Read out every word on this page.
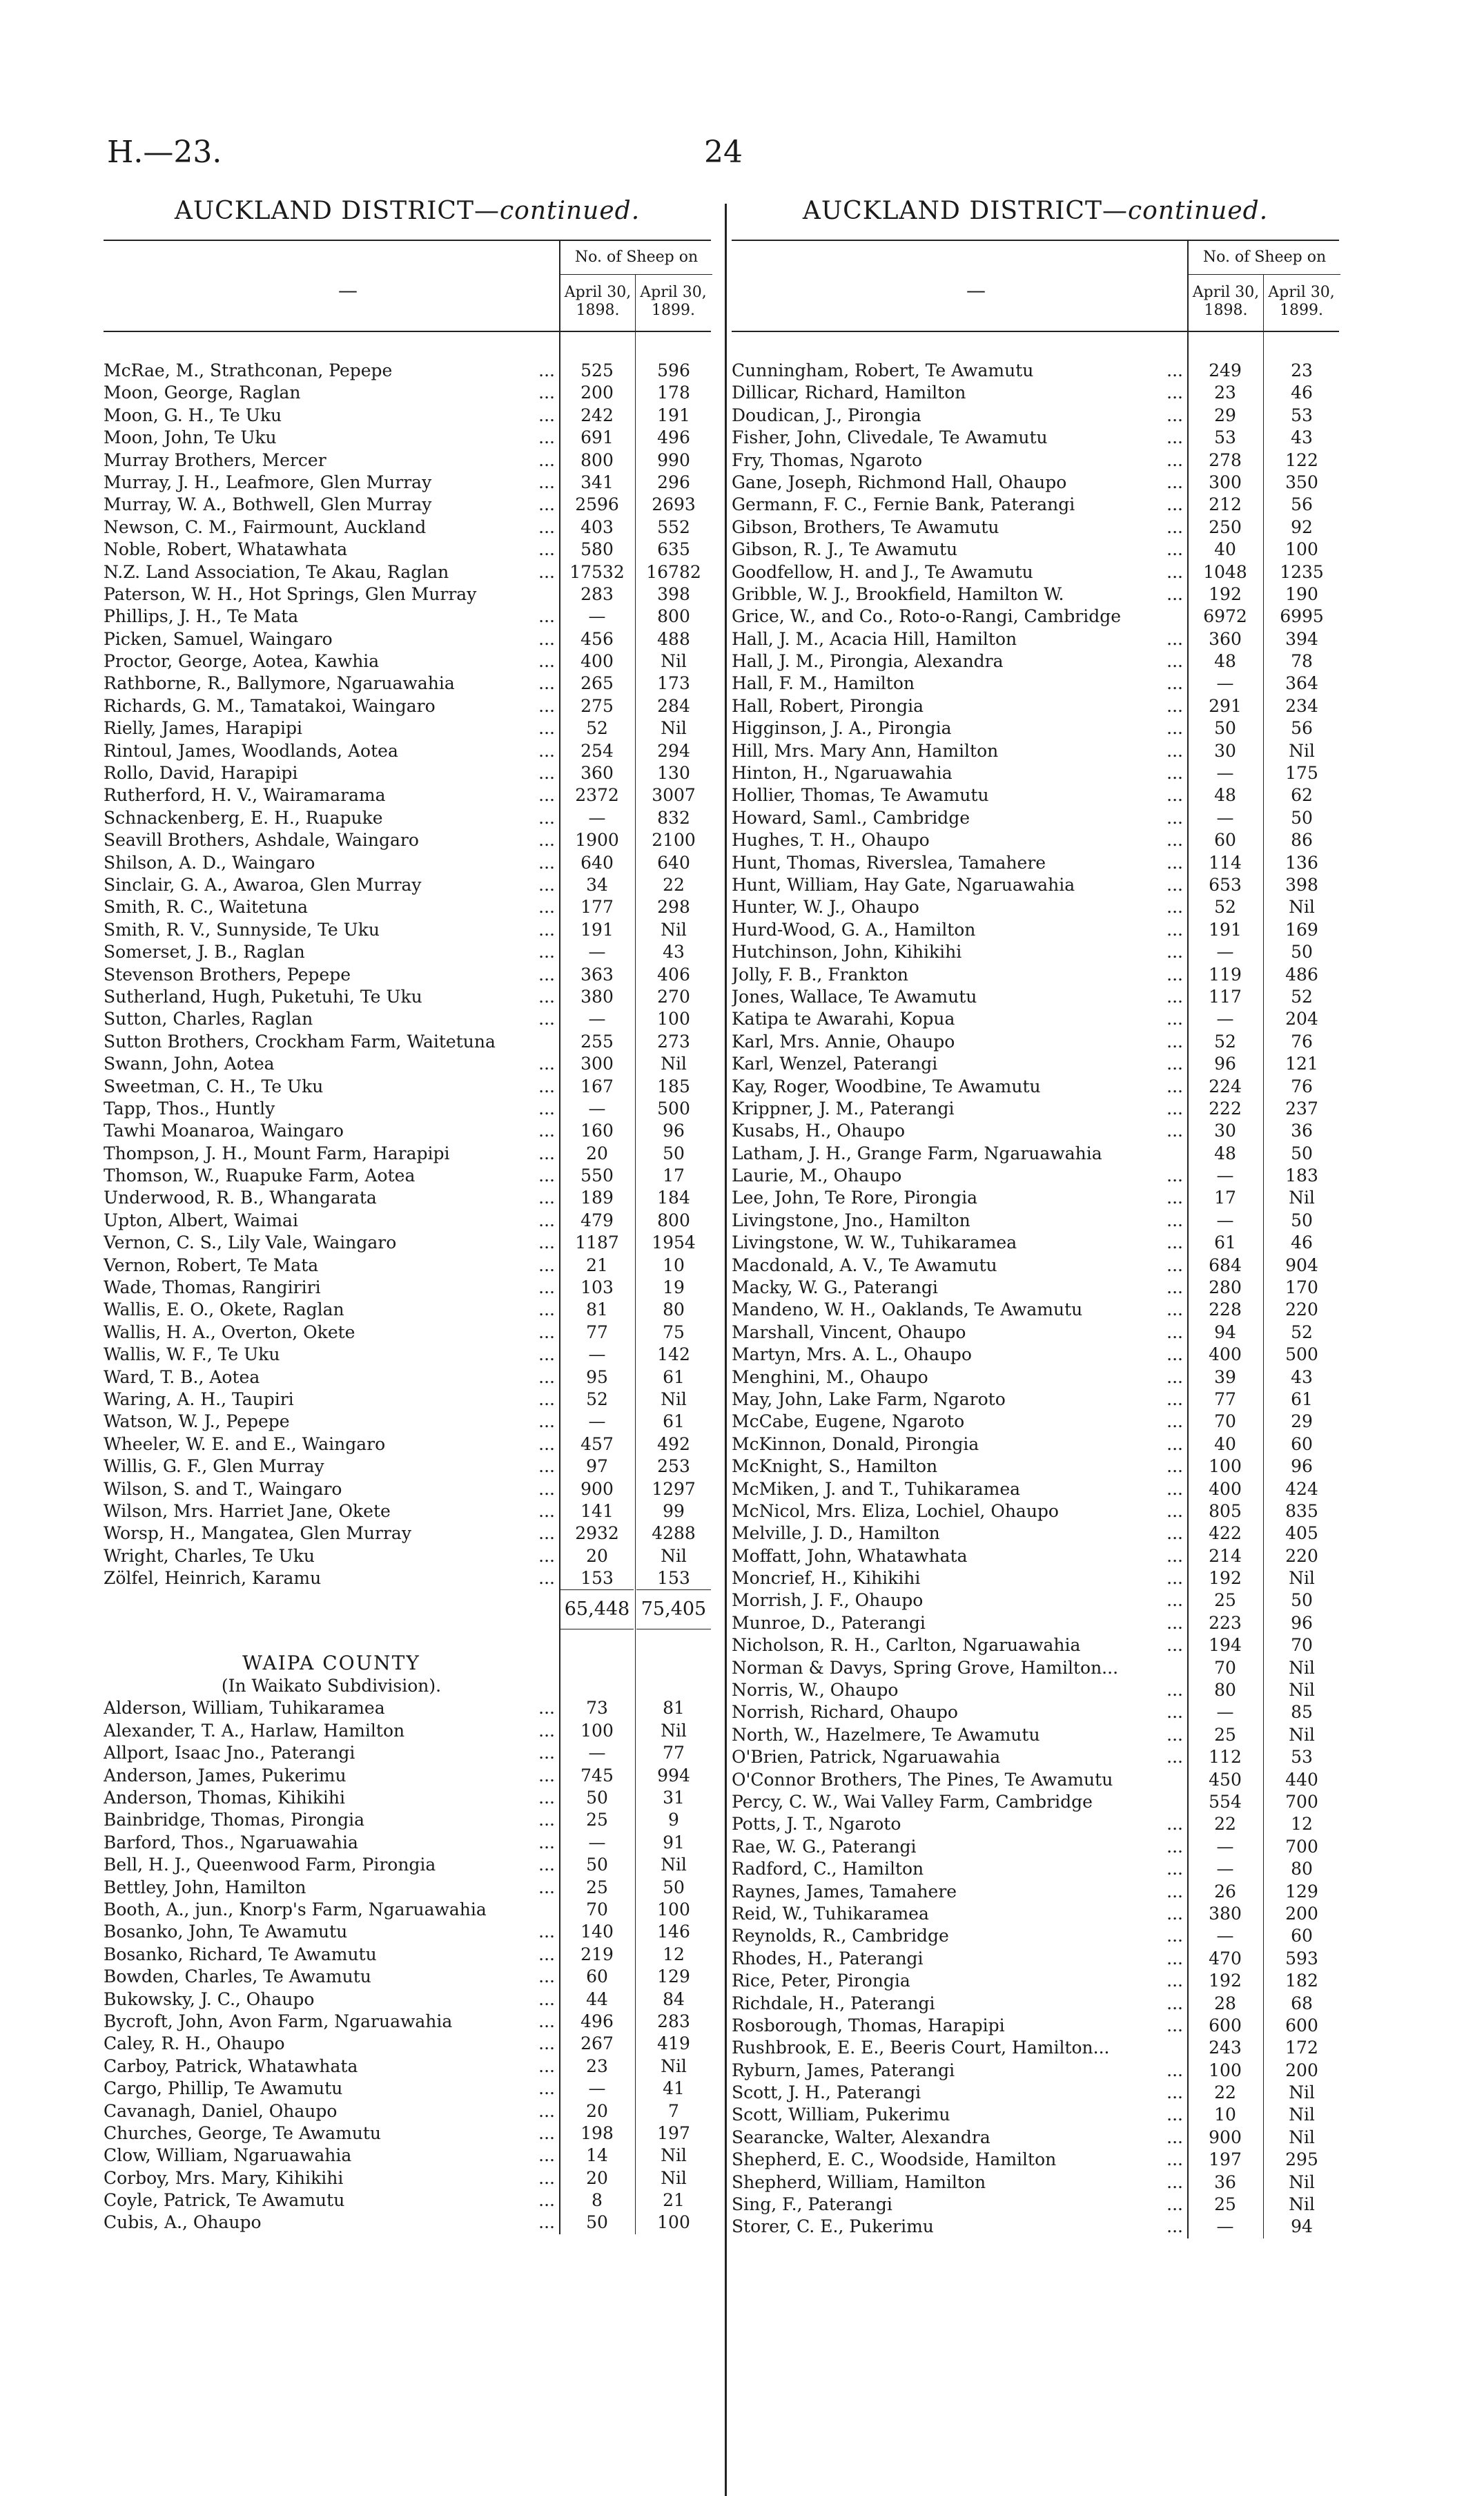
H.—23.	24
AUCKLAND DISTRICT—continued.
—
No. of Sheep on
April 30,
1898.
April 30,
1899.
McRae, M., Strathconan, Pepepe	...	525	596
Moon, George, Raglan	...	200	178
Moon, G. H., Te Uku	...	242	191
Moon, John, Te Uku	...	691	496
Murray Brothers, Mercer	...	800	990
Murray, J. H., Leafmore, Glen Murray	...	341	296
Murray, W. A., Bothwell, Glen Murray	...	2596	2693
Newson, C. M., Fairmount, Auckland	...	403	552
Noble, Robert, Whatawhata	...	580	635
N.Z. Land Association, Te Akau, Raglan	... 17532	16782
Paterson, W. H., Hot Springs, Glen Murray	283	398
Phillips, J. H., Te Mata	...	—	800
Picken, Samuel, Waingaro	...	456	488
Proctor, George, Aotea, Kawhia	...	400	Nil
Rathborne, R., Ballymore, Ngaruawahia	...	265	173
Richards, G. M., Tamatakoi, Waingaro	...	275	284
Rielly, James, Harapipi	...	52	Nil
Rintoul, James, Woodlands, Aotea	...	254	294
Rollo, David, Harapipi	...	360	130
Rutherford, H. V., Wairamarama	...	2372	3007
Schnackenberg, E. H., Ruapuke	...	—	832
Seavill Brothers, Ashdale, Waingaro	...	1900	2100
Shilson, A. D., Waingaro	...	640	640
Sinclair, G. A., Awaroa, Glen Murray	...	34	22
Smith, R. C., Waitetuna	...	177	298
Smith, R. V., Sunnyside, Te Uku	...	191	Nil
Somerset, J. B., Raglan	...	—	43
Stevenson Brothers, Pepepe	...	363	406
Sutherland, Hugh, Puketuhi, Te Uku	...	380	270
Sutton, Charles, Raglan	...	—	100
Sutton Brothers, Crockham Farm, Waitetuna	255	273
Swann, John, Aotea	...	300	Nil
Sweetman, C. H., Te Uku	...	167	185
Tapp, Thos., Huntly	...	—	500
Tawhi Moanaroa, Waingaro	...	160	96
Thompson, J. H., Mount Farm, Harapipi	...	20	50
Thomson, W., Ruapuke Farm, Aotea	...	550	17
Underwood, R. B., Whangarata	...	189	184
Upton, Albert, Waimai	...	479	800
Vernon, C. S., Lily Vale, Waingaro	...	1187	1954
Vernon, Robert, Te Mata	...	21	10
Wade, Thomas, Rangiriri	...	103	19
Wallis, E. O., Okete, Raglan	...	81	80
Wallis, H. A., Overton, Okete	...	77	75
Wallis, W. F., Te Uku	...	—	142
Ward, T. B., Aotea	...	95	61
Waring, A. H., Taupiri	...	52	Nil
Watson, W. J., Pepepe	...	—	61
Wheeler, W. E. and E., Waingaro	...	457	492
Willis, G. F., Glen Murray	...	97	253
Wilson, S. and T., Waingaro	...	900	1297
Wilson, Mrs. Harriet Jane, Okete	...	141	99
Worsp, H., Mangatea, Glen Murray	...	2932	4288
Wright, Charles, Te Uku	...	20	Nil
Zölfel, Heinrich, Karamu	...	153	153
65,448 75,405
WAIPA COUNTY
(In Waikato Subdivision).
Alderson, William, Tuhikaramea	...	73	81
Alexander, T. A., Harlaw, Hamilton	...	100	Nil
Allport, Isaac Jno., Paterangi	...	—	77
Anderson, James, Pukerimu	...	745	994
Anderson, Thomas, Kihikihi	...	50	31
Bainbridge, Thomas, Pirongia	...	25	9
Barford, Thos., Ngaruawahia	...	—	91
Bell, H. J., Queenwood Farm, Pirongia	...	50	Nil
Bettley, John, Hamilton	...	25	50
Booth, A., jun., Knorp's Farm, Ngaruawahia	70	100
Bosanko, John, Te Awamutu	...	140	146
Bosanko, Richard, Te Awamutu	...	219	12
Bowden, Charles, Te Awamutu	...	60	129
Bukowsky, J. C., Ohaupo	...	44	84
Bycroft, John, Avon Farm, Ngaruawahia	...	496	283
Caley, R. H., Ohaupo	...	267	419
Carboy, Patrick, Whatawhata	...	23	Nil
Cargo, Phillip, Te Awamutu	...	—	41
Cavanagh, Daniel, Ohaupo	...	20	7
Churches, George, Te Awamutu	...	198	197
Clow, William, Ngaruawahia	...	14	Nil
Corboy, Mrs. Mary, Kihikihi	...	20	Nil
Coyle, Patrick, Te Awamutu	...	8	21
Cubis, A., Ohaupo	...	50	100
AUCKLAND DISTRICT—continued.
—
No. of Sheep on
April 30,
1898.
April 30,
1899.
Cunningham, Robert, Te Awamutu	...	249	23
Dillicar, Richard, Hamilton	...	23	46
Doudican, J., Pirongia	...	29	53
Fisher, John, Clivedale, Te Awamutu	...	53	43
Fry, Thomas, Ngaroto	...	278	122
Gane, Joseph, Richmond Hall, Ohaupo	...	300	350
Germann, F. C., Fernie Bank, Paterangi	...	212	56
Gibson, Brothers, Te Awamutu	...	250	92
Gibson, R. J., Te Awamutu	...	40	100
Goodfellow, H. and J., Te Awamutu	...	1048	1235
Gribble, W. J., Brookfield, Hamilton W.	...	192	190
Grice, W., and Co., Roto-o-Rangi, Cambridge	6972	6995
Hall, J. M., Acacia Hill, Hamilton	...	360	394
Hall, J. M., Pirongia, Alexandra	...	48	78
Hall, F. M., Hamilton	...	—	364
Hall, Robert, Pirongia	...	291	234
Higginson, J. A., Pirongia	...	50	56
Hill, Mrs. Mary Ann, Hamilton	...	30	Nil
Hinton, H., Ngaruawahia	...	—	175
Hollier, Thomas, Te Awamutu	...	48	62
Howard, Saml., Cambridge	...	—	50
Hughes, T. H., Ohaupo	...	60	86
Hunt, Thomas, Riverslea, Tamahere	...	114	136
Hunt, William, Hay Gate, Ngaruawahia	...	653	398
Hunter, W. J., Ohaupo	...	52	Nil
Hurd-Wood, G. A., Hamilton	...	191	169
Hutchinson, John, Kihikihi	...	—	50
Jolly, F. B., Frankton	...	119	486
Jones, Wallace, Te Awamutu	...	117	52
Katipa te Awarahi, Kopua	...	—	204
Karl, Mrs. Annie, Ohaupo	...	52	76
Karl, Wenzel, Paterangi	...	96	121
Kay, Roger, Woodbine, Te Awamutu	...	224	76
Krippner, J. M., Paterangi	...	222	237
Kusabs, H., Ohaupo	...	30	36
Latham, J. H., Grange Farm, Ngaruawahia	48	50
Laurie, M., Ohaupo	...	—	183
Lee, John, Te Rore, Pirongia	...	17	Nil
Livingstone, Jno., Hamilton	...	—	50
Livingstone, W. W., Tuhikaramea	...	61	46
Macdonald, A. V., Te Awamutu	...	684	904
Macky, W. G., Paterangi	...	280	170
Mandeno, W. H., Oaklands, Te Awamutu	...	228	220
Marshall, Vincent, Ohaupo	...	94	52
Martyn, Mrs. A. L., Ohaupo	...	400	500
Menghini, M., Ohaupo	...	39	43
May, John, Lake Farm, Ngaroto	...	77	61
McCabe, Eugene, Ngaroto	...	70	29
McKinnon, Donald, Pirongia	...	40	60
McKnight, S., Hamilton	...	100	96
McMiken, J. and T., Tuhikaramea	...	400	424
McNicol, Mrs. Eliza, Lochiel, Ohaupo	...	805	835
Melville, J. D., Hamilton	...	422	405
Moffatt, John, Whatawhata	...	214	220
Moncrief, H., Kihikihi	...	192	Nil
Morrish, J. F., Ohaupo	...	25	50
Munroe, D., Paterangi	...	223	96
Nicholson, R. H., Carlton, Ngaruawahia	...	194	70
Norman & Davys, Spring Grove, Hamilton...	70	Nil
Norris, W., Ohaupo	...	80	Nil
Norrish, Richard, Ohaupo	...	—	85
North, W., Hazelmere, Te Awamutu	...	25	Nil
O'Brien, Patrick, Ngaruawahia	...	112	53
O'Connor Brothers, The Pines, Te Awamutu	450	440
Percy, C. W., Wai Valley Farm, Cambridge	554	700
Potts, J. T., Ngaroto	...	22	12
Rae, W. G., Paterangi	...	—	700
Radford, C., Hamilton	...	—	80
Raynes, James, Tamahere	...	26	129
Reid, W., Tuhikaramea	...	380	200
Reynolds, R., Cambridge	...	—	60
Rhodes, H., Paterangi	...	470	593
Rice, Peter, Pirongia	...	192	182
Richdale, H., Paterangi	...	28	68
Rosborough, Thomas, Harapipi	...	600	600
Rushbrook, E. E., Beeris Court, Hamilton...	243	172
Ryburn, James, Paterangi	...	100	200
Scott, J. H., Paterangi	...	22	Nil
Scott, William, Pukerimu	...	10	Nil
Searancke, Walter, Alexandra	...	900	Nil
Shepherd, E. C., Woodside, Hamilton	...	197	295
Shepherd, William, Hamilton	...	36	Nil
Sing, F., Paterangi	...	25	Nil
Storer, C. E., Pukerimu	...	—	94
